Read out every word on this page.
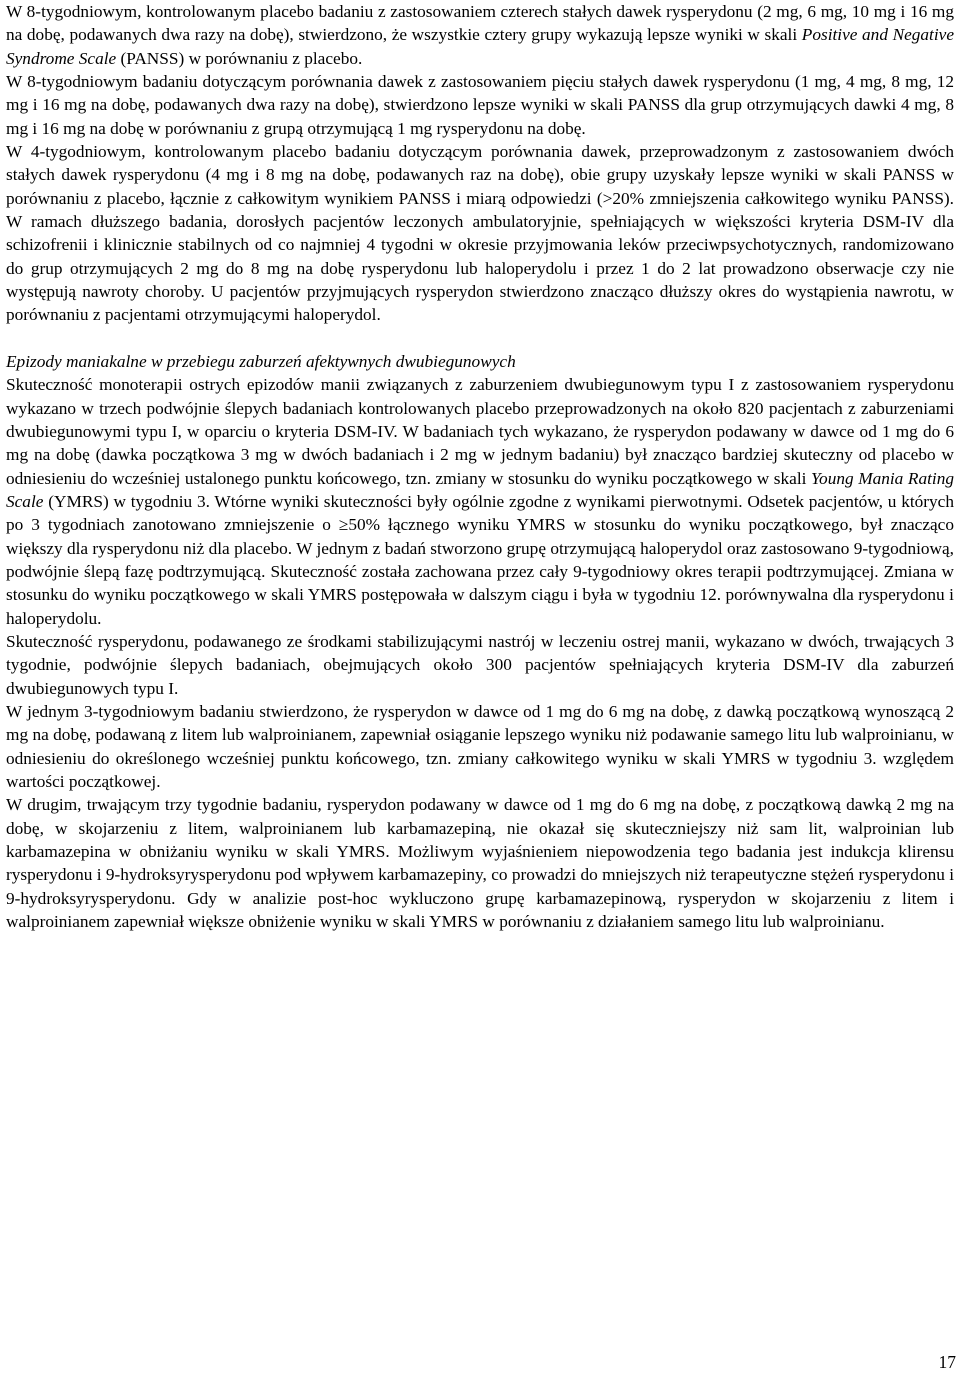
W 8-tygodniowym, kontrolowanym placebo badaniu z zastosowaniem czterech stałych dawek rysperydonu (2 mg, 6 mg, 10 mg i 16 mg na dobę, podawanych dwa razy na dobę), stwierdzono, że wszystkie cztery grupy wykazują lepsze wyniki w skali Positive and Negative Syndrome Scale (PANSS) w porównaniu z placebo.

W 8-tygodniowym badaniu dotyczącym porównania dawek z zastosowaniem pięciu stałych dawek rysperydonu (1 mg, 4 mg, 8 mg, 12 mg i 16 mg na dobę, podawanych dwa razy na dobę), stwierdzono lepsze wyniki w skali PANSS dla grup otrzymujących dawki 4 mg, 8 mg i 16 mg na dobę w porównaniu z grupą otrzymującą 1 mg rysperydonu na dobę.

W 4-tygodniowym, kontrolowanym placebo badaniu dotyczącym porównania dawek, przeprowadzonym z zastosowaniem dwóch stałych dawek rysperydonu (4 mg i 8 mg na dobę, podawanych raz na dobę), obie grupy uzyskały lepsze wyniki w skali PANSS w porównaniu z placebo, łącznie z całkowitym wynikiem PANSS i miarą odpowiedzi (>20% zmniejszenia całkowitego wyniku PANSS). W ramach dłuższego badania, dorosłych pacjentów leczonych ambulatoryjnie, spełniających w większości kryteria DSM-IV dla schizofrenii i klinicznie stabilnych od co najmniej 4 tygodni w okresie przyjmowania leków przeciwpsychotycznych, randomizowano do grup otrzymujących 2 mg do 8 mg na dobę rysperydonu lub haloperydolu i przez 1 do 2 lat prowadzono obserwacje czy nie występują nawroty choroby. U pacjentów przyjmujących rysperydon stwierdzono znacząco dłuższy okres do wystąpienia nawrotu, w porównaniu z pacjentami otrzymującymi haloperydol.

Epizody maniakalne w przebiegu zaburzeń afektywnych dwubiegunowych

Skuteczność monoterapii ostrych epizodów manii związanych z zaburzeniem dwubiegunowym typu I z zastosowaniem rysperydonu wykazano w trzech podwójnie ślepych badaniach kontrolowanych placebo przeprowadzonych na około 820 pacjentach z zaburzeniami dwubiegunowymi typu I, w oparciu o kryteria DSM-IV. W badaniach tych wykazano, że rysperydon podawany w dawce od 1 mg do 6 mg na dobę (dawka początkowa 3 mg w dwóch badaniach i 2 mg w jednym badaniu) był znacząco bardziej skuteczny od placebo w odniesieniu do wcześniej ustalonego punktu końcowego, tzn. zmiany w stosunku do wyniku początkowego w skali Young Mania Rating Scale (YMRS) w tygodniu 3. Wtórne wyniki skuteczności były ogólnie zgodne z wynikami pierwotnymi. Odsetek pacjentów, u których po 3 tygodniach zanotowano zmniejszenie o ≥50% łącznego wyniku YMRS w stosunku do wyniku początkowego, był znacząco większy dla rysperydonu niż dla placebo. W jednym z badań stworzono grupę otrzymującą haloperydol oraz zastosowano 9-tygodniową, podwójnie ślepą fazę podtrzymującą. Skuteczność została zachowana przez cały 9-tygodniowy okres terapii podtrzymującej. Zmiana w stosunku do wyniku początkowego w skali YMRS postępowała w dalszym ciągu i była w tygodniu 12. porównywalna dla rysperydonu i haloperydolu.

Skuteczność rysperydonu, podawanego ze środkami stabilizującymi nastrój w leczeniu ostrej manii, wykazano w dwóch, trwających 3 tygodnie, podwójnie ślepych badaniach, obejmujących około 300 pacjentów spełniających kryteria DSM-IV dla zaburzeń dwubiegunowych typu I.

W jednym 3-tygodniowym badaniu stwierdzono, że rysperydon w dawce od 1 mg do 6 mg na dobę, z dawką początkową wynoszącą 2 mg na dobę, podawaną z litem lub walproinianem, zapewniał osiąganie lepszego wyniku niż podawanie samego litu lub walproinianu, w odniesieniu do określonego wcześniej punktu końcowego, tzn. zmiany całkowitego wyniku w skali YMRS w tygodniu 3. względem wartości początkowej.

W drugim, trwającym trzy tygodnie badaniu, rysperydon podawany w dawce od 1 mg do 6 mg na dobę, z początkową dawką 2 mg na dobę, w skojarzeniu z litem, walproinianem lub karbamazepiną, nie okazał się skuteczniejszy niż sam lit, walproinian lub karbamazepina w obniżaniu wyniku w skali YMRS. Możliwym wyjaśnieniem niepowodzenia tego badania jest indukcja klirensu rysperydonu i 9-hydroksyrysperydonu pod wpływem karbamazepiny, co prowadzi do mniejszych niż terapeutyczne stężeń rysperydonu i 9-hydroksyrysperydonu. Gdy w analizie post-hoc wykluczono grupę karbamazepinową, rysperydon w skojarzeniu z litem i walproinianem zapewniał większe obniżenie wyniku w skali YMRS w porównaniu z działaniem samego litu lub walproinianu.

17
